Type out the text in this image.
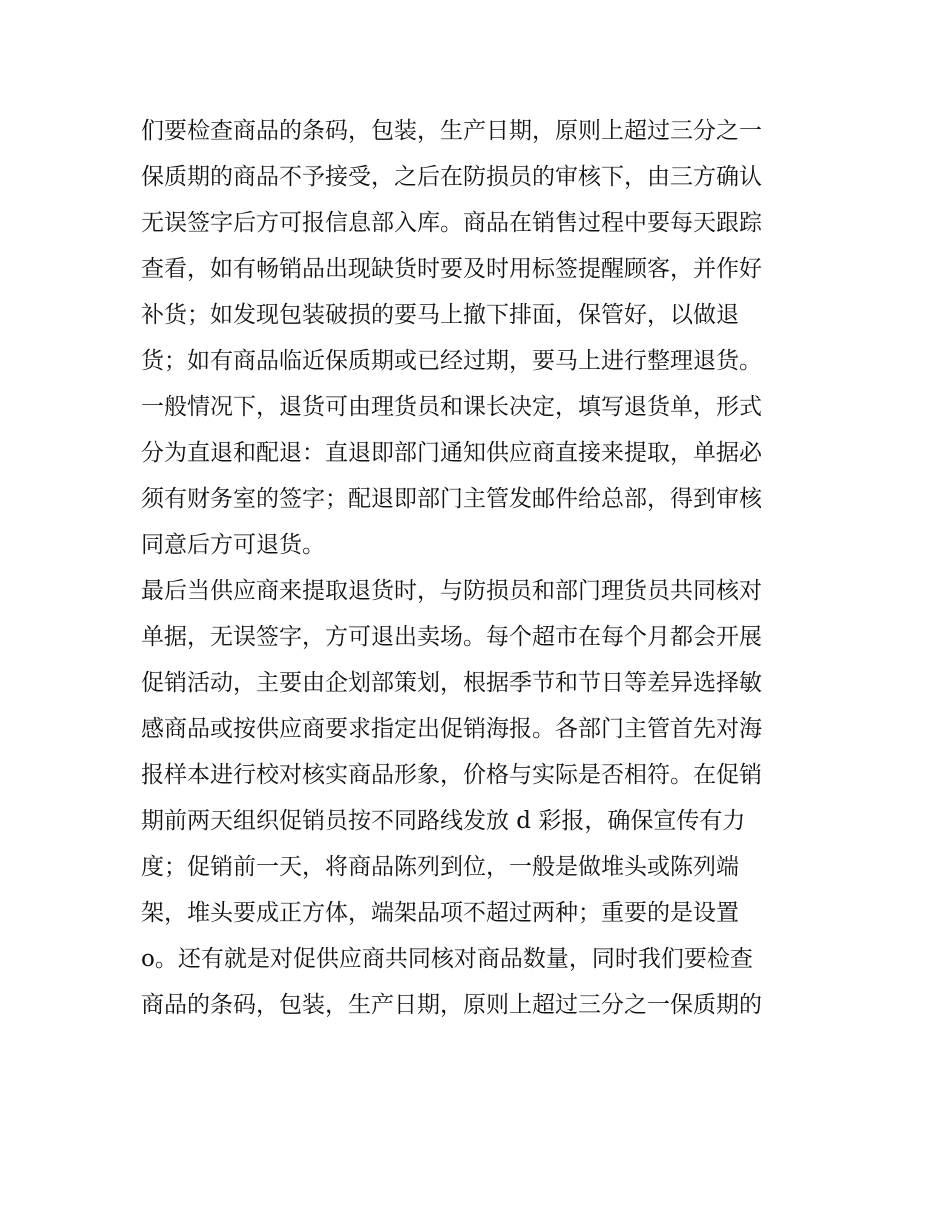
们要检查商品的条码，包装，生产日期，原则上超过三分之一
保质期的商品不予接受，之后在防损员的审核下，由三方确认
无误签字后方可报信息部入库。商品在销售过程中要每天跟踪
查看，如有畅销品出现缺货时要及时用标签提醒顾客，并作好
补货；如发现包装破损的要马上撤下排面，保管好，以做退
货；如有商品临近保质期或已经过期，要马上进行整理退货。
一般情况下，退货可由理货员和课长决定，填写退货单，形式
分为直退和配退：直退即部门通知供应商直接来提取，单据必
须有财务室的签字；配退即部门主管发邮件给总部，得到审核
同意后方可退货。
最后当供应商来提取退货时，与防损员和部门理货员共同核对
单据，无误签字，方可退出卖场。每个超市在每个月都会开展
促销活动，主要由企划部策划，根据季节和节日等差异选择敏
感商品或按供应商要求指定出促销海报。各部门主管首先对海
报样本进行校对核实商品形象，价格与实际是否相符。在促销
期前两天组织促销员按不同路线发放 d 彩报，确保宣传有力
度；促销前一天，将商品陈列到位，一般是做堆头或陈列端
架，堆头要成正方体，端架品项不超过两种；重要的是设置
o。还有就是对促供应商共同核对商品数量，同时我们要检查
商品的条码，包装，生产日期，原则上超过三分之一保质期的
